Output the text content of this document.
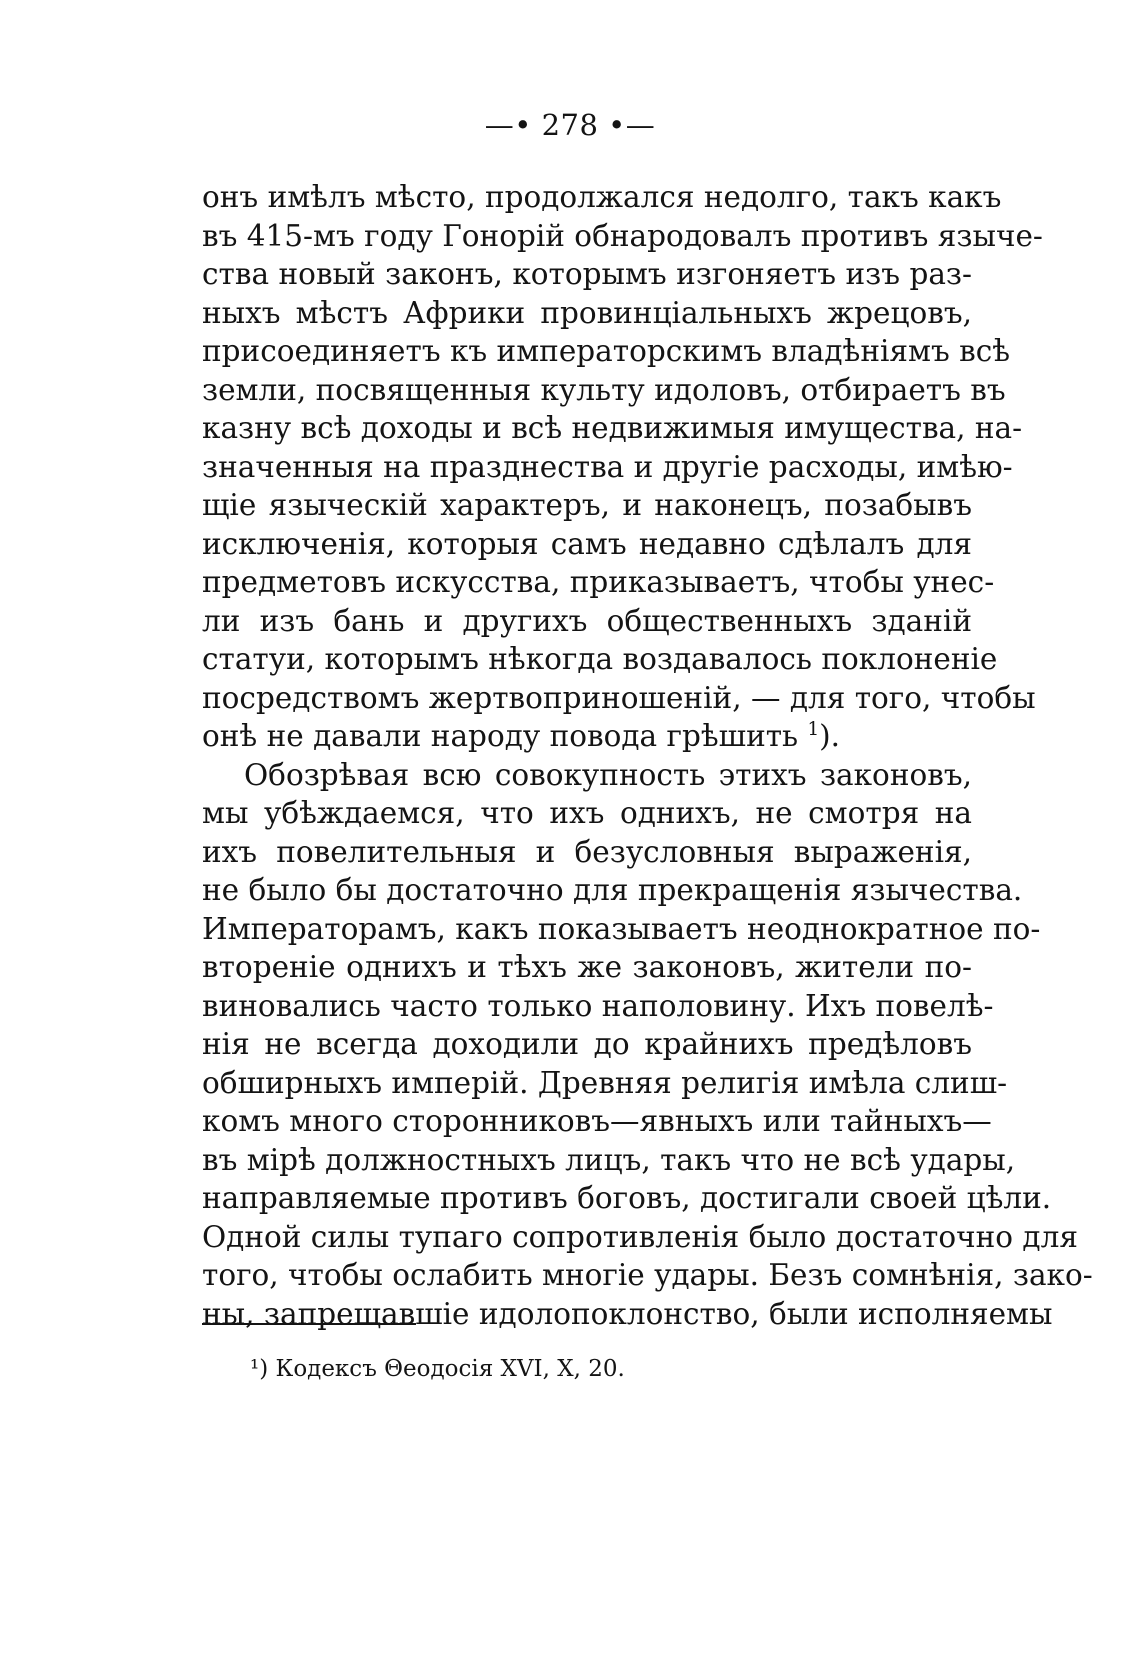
—• 278 •—
онъ имѣлъ мѣсто, продолжался недолго, такъ какъ
въ 415-мъ году Гонорій обнародовалъ противъ язычe-
ства новый законъ, которымъ изгоняетъ изъ раз-
ныхъ мѣстъ Африки провинціальныхъ жрецовъ,
присоединяетъ къ императорскимъ владѣніямъ всѣ
земли, посвященныя культу идоловъ, отбираетъ въ
казну всѣ доходы и всѣ недвижимыя имущества, на-
значенныя на празднества и другіе расходы, имѣю-
щіе языческій характеръ, и наконецъ, позабывъ
исключенія, которыя самъ недавно сдѣлалъ для
предметовъ искусства, приказываетъ, чтобы унес-
ли изъ бань и другихъ общественныхъ зданій
статуи, которымъ нѣкогда воздавалось поклоненіе
посредствомъ жертвоприношеній, — для того, чтобы
онѣ не давали народу повода грѣшить $^1$).
Обозрѣвая всю совокупность этихъ законовъ,
мы убѣждаемся, что ихъ однихъ, не смотря на
ихъ повелительныя и безусловныя выраженія,
не было бы достаточно для прекращенія язычества.
Императорамъ, какъ показываетъ неоднократное по-
втореніе однихъ и тѣхъ же законовъ, жители по-
виновались часто только наполовину. Ихъ повелѣ-
нія не всегда доходили до крайнихъ предѣловъ
обширныхъ имперій. Древняя религія имѣла слиш-
комъ много сторонниковъ—явныхъ или тайныхъ—
въ мірѣ должностныхъ лицъ, такъ что не всѣ удары,
направляемые противъ боговъ, достигали своей цѣли.
Одной силы тупаго сопротивленія было достаточно для
того, чтобы ослабить многіе удары. Безъ сомнѣнія, зако-
ны, запрещавшіе идолопоклонство, были исполняемы
¹) Кодексъ Θеодосія XVI, X, 20.
